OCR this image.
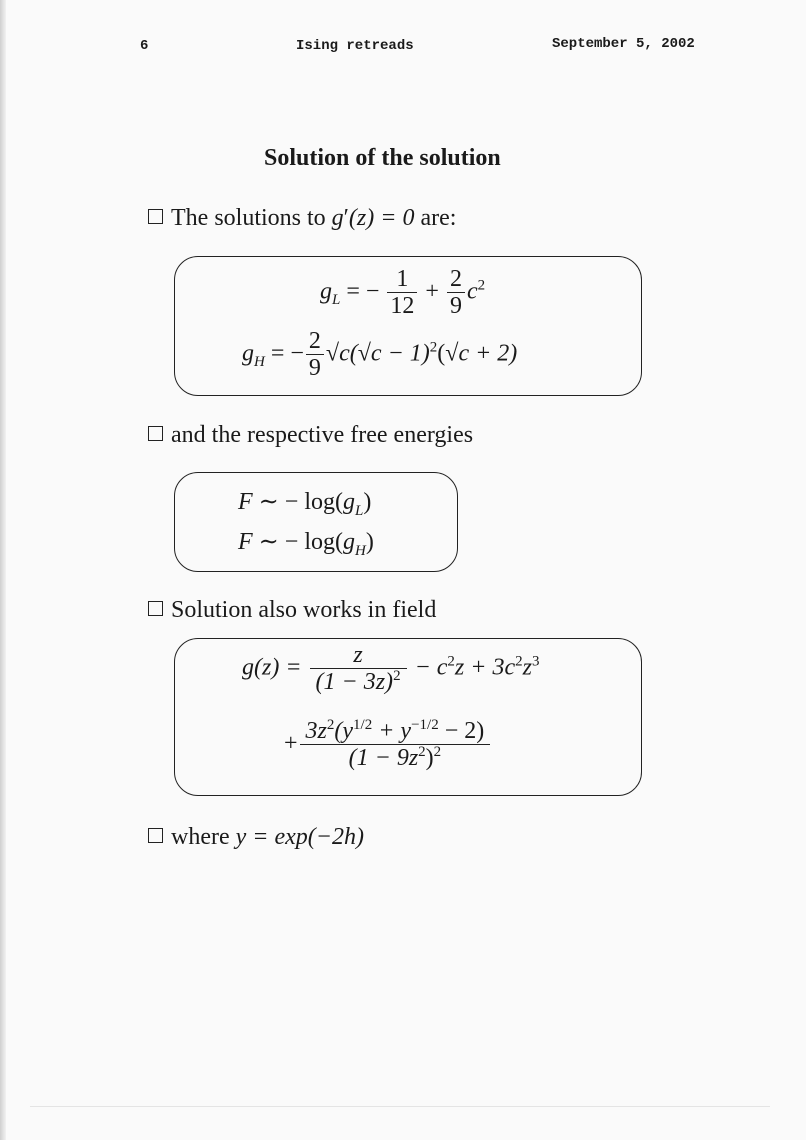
6	Ising retreads	September 5, 2002
Solution of the solution
The solutions to g′(z) = 0 are:
$g_L$ = − $\frac{1}{12} + \frac{2}{9} c^2$
$g_H$ = − $\frac{2}{9} √c(√c - 1)^2(√c + 2)$
and the respective free energies
F ∼ − $\log(g_L)$
F ∼ − $\log(g_H)$
Solution also works in field
$g(z) = \frac{z}{(1 - 3z)^2} - c^2z + 3c^2z^3$
+ $\frac{3z^2(y^{1/2} + y^{-1/2} - 2)}{(1 - 9z^2)^2}$
where y = exp(−2h)
